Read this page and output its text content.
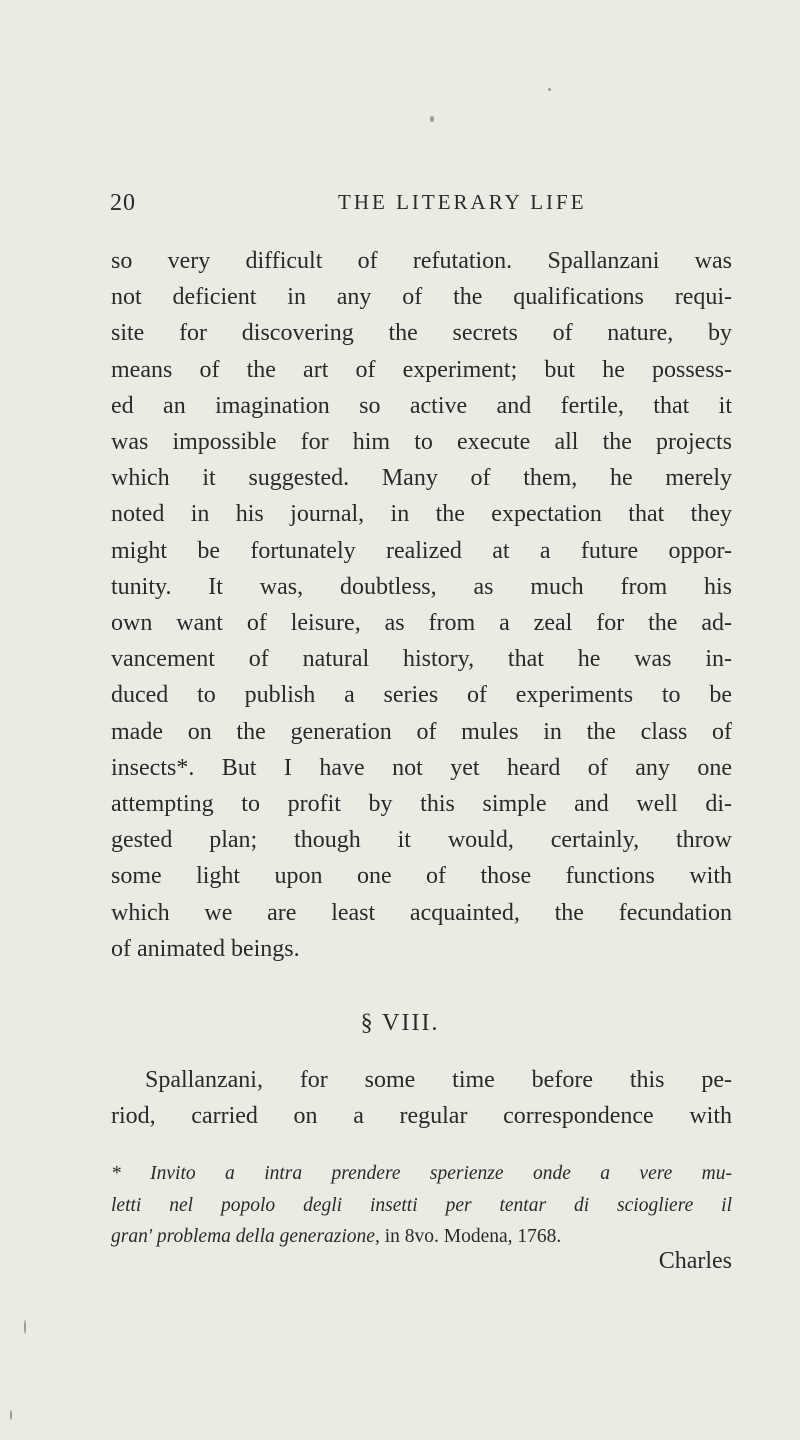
20	THE LITERARY LIFE
so very difficult of refutation. Spallanzani was
not deficient in any of the qualifications requi-
site for discovering the secrets of nature, by
means of the art of experiment; but he possess-
ed an imagination so active and fertile, that it
was impossible for him to execute all the projects
which it suggested. Many of them, he merely
noted in his journal, in the expectation that they
might be fortunately realized at a future oppor-
tunity. It was, doubtless, as much from his
own want of leisure, as from a zeal for the ad-
vancement of natural history, that he was in-
duced to publish a series of experiments to be
made on the generation of mules in the class of
insects*. But I have not yet heard of any one
attempting to profit by this simple and well di-
gested plan; though it would, certainly, throw
some light upon one of those functions with
which we are least acquainted, the fecundation
of animated beings.
§ VIII.
Spallanzani, for some time before this pe-
riod, carried on a regular correspondence with
* Invito a intra prendere sperienze onde a vere mu-
letti nel popolo degli insetti per tentar di sciogliere il
gran' problema della generazione, in 8vo. Modena, 1768.
Charles
